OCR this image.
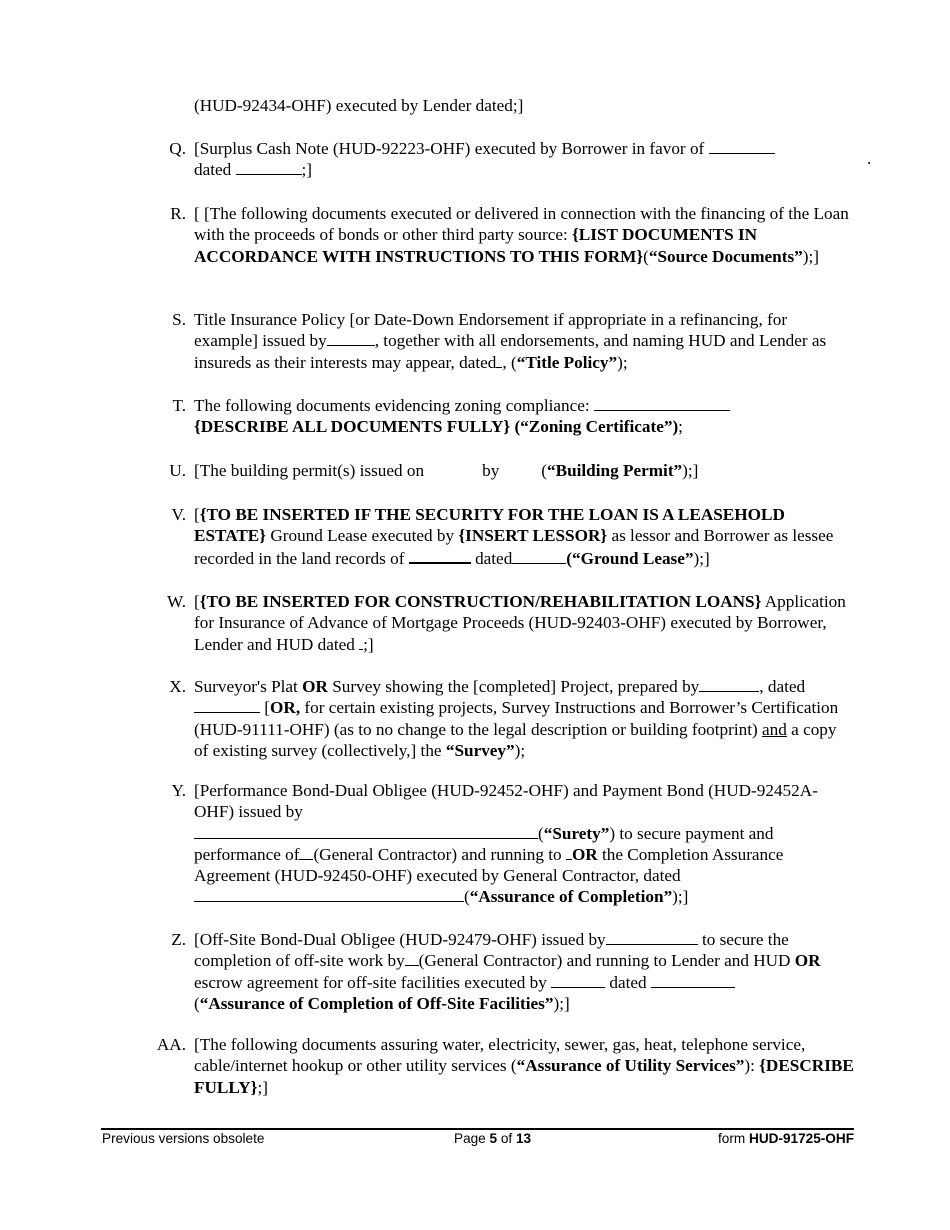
(HUD-92434-OHF) executed by Lender dated;]
.
Q. [Surplus Cash Note (HUD-92223-OHF) executed by Borrower in favor of
dated	;]
R. [ [The following documents executed or delivered in connection with the financing of the Loan with the proceeds of bonds or other third party source: {LIST DOCUMENTS IN ACCORDANCE WITH INSTRUCTIONS TO THIS FORM}(“Source Documents”);]
S. Title Insurance Policy [or Date-Down Endorsement if appropriate in a refinancing, for example] issued by	, together with all endorsements, and naming HUD and Lender as insureds as their interests may appear, dated , (“Title Policy”);
T. The following documents evidencing zoning compliance:
{DESCRIBE ALL DOCUMENTS FULLY} (“Zoning Certificate”);
U. [The building permit(s) issued on	by (“Building Permit”);]
V. [{TO BE INSERTED IF THE SECURITY FOR THE LOAN IS A LEASEHOLD ESTATE} Ground Lease executed by {INSERT LESSOR} as lessor and Borrower as lessee recorded in the land records of	dated	(“Ground Lease”);]
W. [{TO BE INSERTED FOR CONSTRUCTION/REHABILITATION LOANS} Application for Insurance of Advance of Mortgage Proceeds (HUD-92403-OHF) executed by Borrower, Lender and HUD dated ;]
X. Surveyor's Plat OR Survey showing the [completed] Project, prepared by	, dated  [OR, for certain existing projects, Survey Instructions and Borrower’s Certification (HUD-91111-OHF) (as to no change to the legal description or building footprint) and a copy of existing survey (collectively,] the “Survey”);
Y. [Performance Bond-Dual Obligee (HUD-92452-OHF) and Payment Bond (HUD-92452A-OHF) issued by
(“Surety”) to secure payment and performance of (General Contractor) and running to OR the Completion Assurance Agreement (HUD-92450-OHF) executed by General Contractor, dated
(“Assurance of Completion”);]
Z. [Off-Site Bond-Dual Obligee (HUD-92479-OHF) issued by	to secure the completion of off-site work by (General Contractor) and running to Lender and HUD OR escrow agreement for off-site facilities executed by	dated
(“Assurance of Completion of Off-Site Facilities”);]
AA. [The following documents assuring water, electricity, sewer, gas, heat, telephone service, cable/internet hookup or other utility services (“Assurance of Utility Services”): {DESCRIBE FULLY};]
Previous versions obsolete	Page 5 of 13	form HUD-91725-OHF
